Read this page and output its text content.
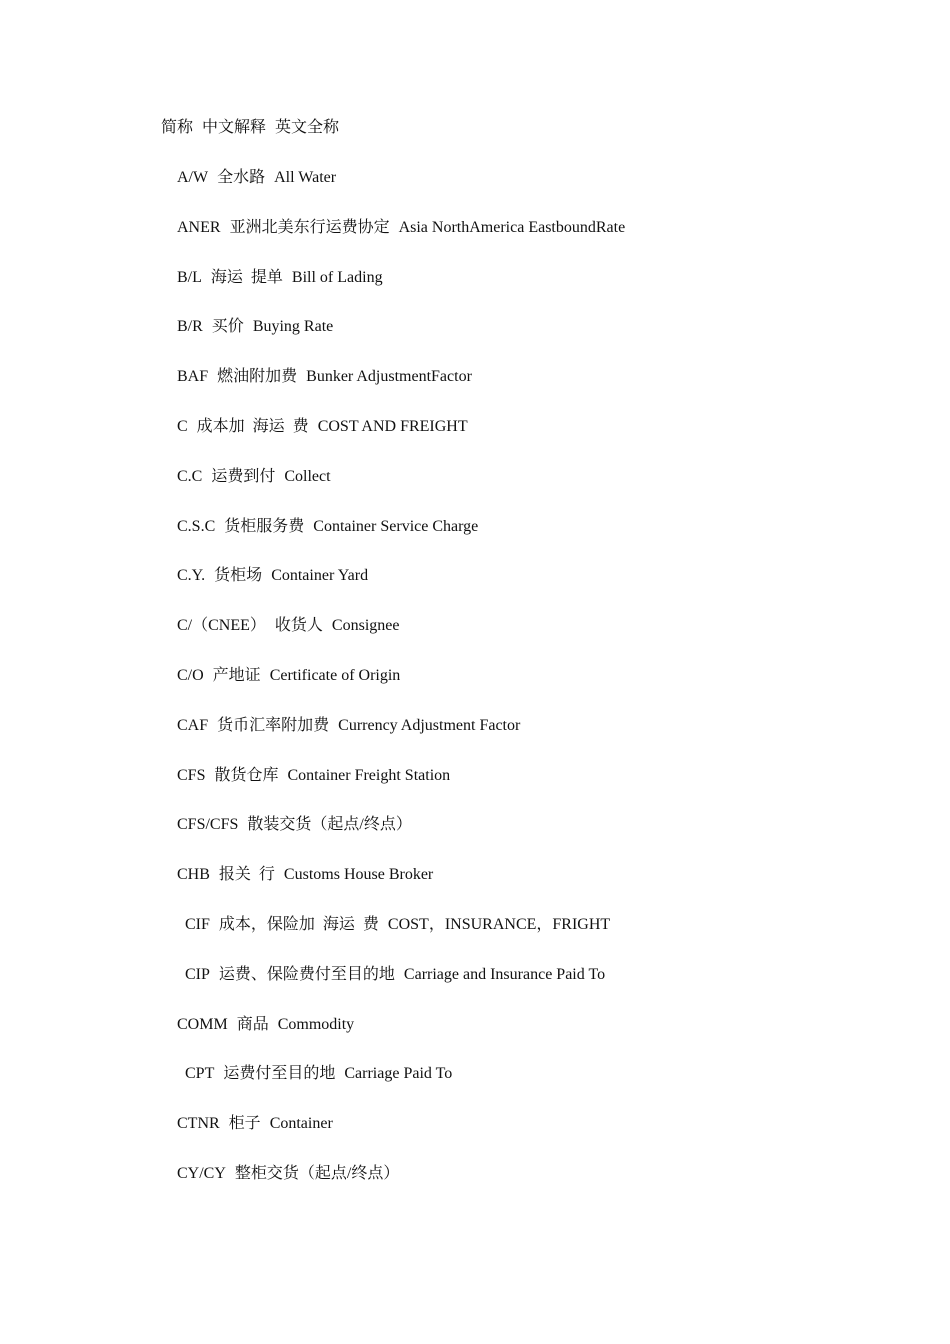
简称 中文解释 英文全称
A/W 全水路 All Water
ANER 亚洲北美东行运费协定 Asia NorthAmerica EastboundRate
B/L 海运  提单 Bill of Lading
B/R 买价 Buying Rate
BAF 燃油附加费 Bunker AdjustmentFactor
C 成本加  海运  费 COST AND FREIGHT
C.C 运费到付 Collect
C.S.C 货柜服务费 Container Service Charge
C.Y. 货柜场 Container Yard
C/（CNEE） 收货人 Consignee
C/O 产地证 Certificate of Origin
CAF 货币汇率附加费 Currency Adjustment Factor
CFS 散货仓库 Container Freight Station
CFS/CFS 散装交货（起点/终点）
CHB 报关  行 Customs House Broker
CIF 成本，保险加  海运  费 COST，INSURANCE，FRIGHT
CIP 运费、保险费付至目的地 Carriage and Insurance Paid To
COMM 商品 Commodity
CPT 运费付至目的地 Carriage Paid To
CTNR 柜子 Container
CY/CY 整柜交货（起点/终点）
